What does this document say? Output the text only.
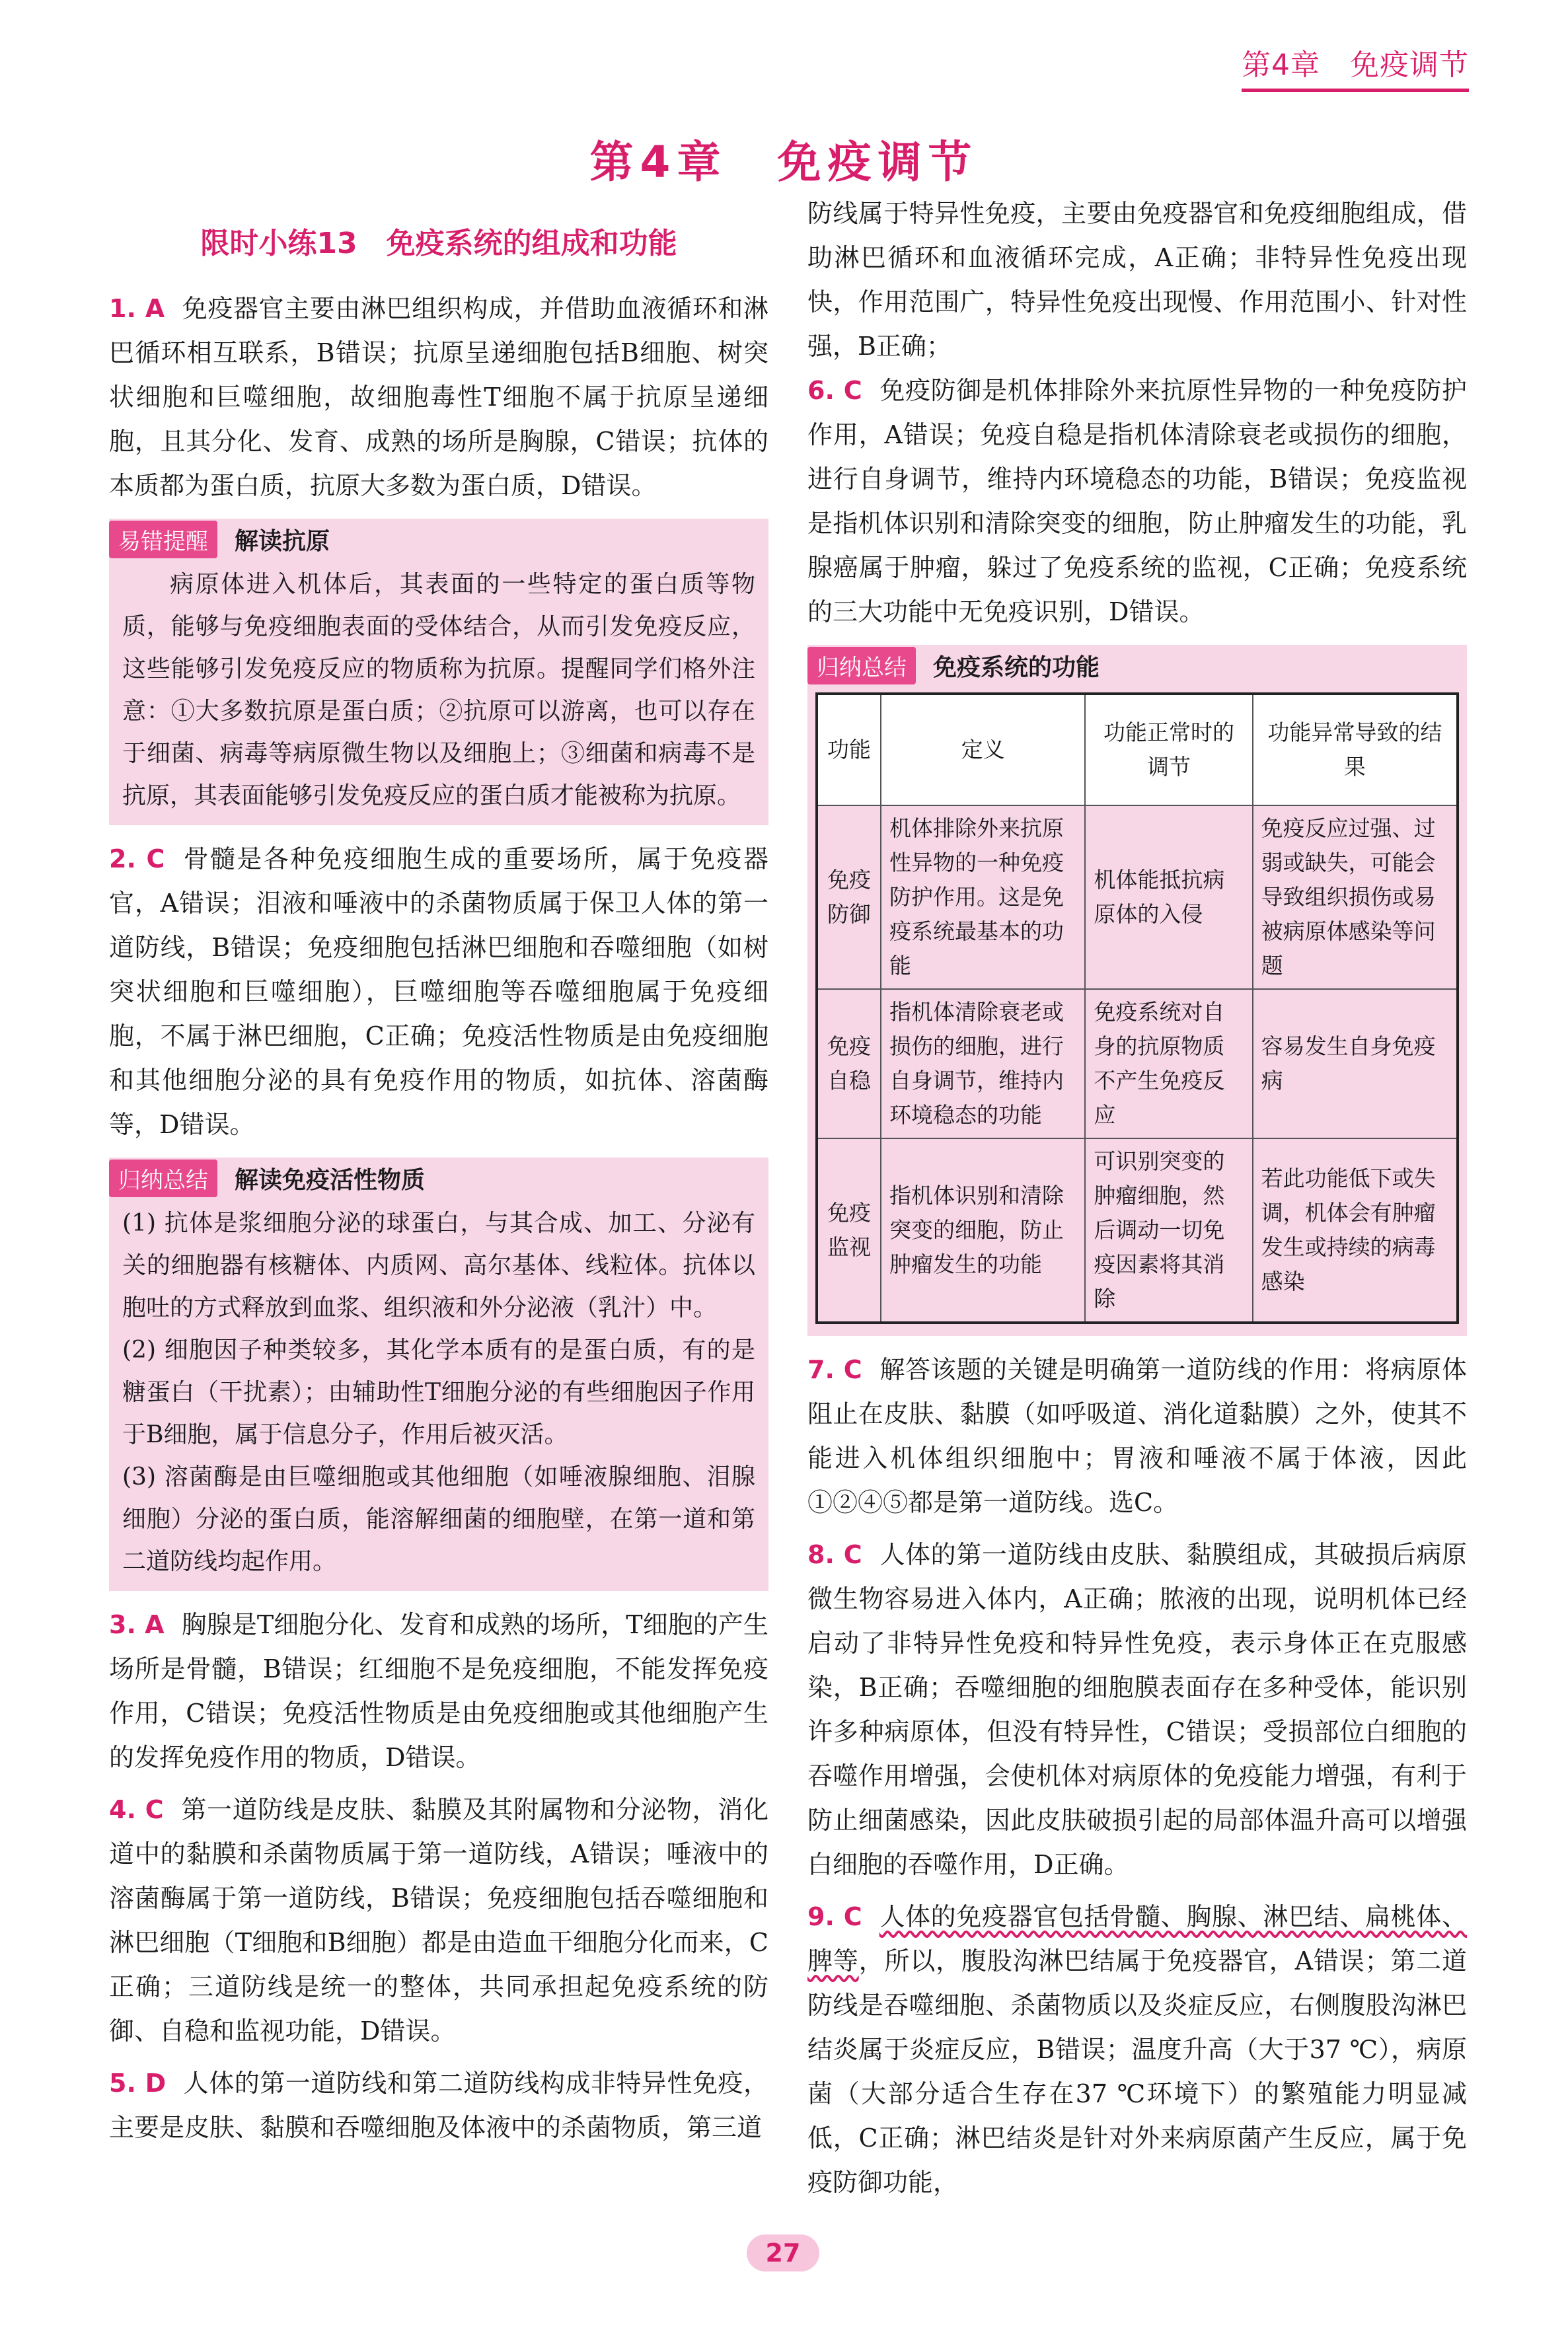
第4章　免疫调节
第4章　免疫调节
限时小练13　免疫系统的组成和功能

1. A 免疫器官主要由淋巴组织构成，并借助血液循环和淋巴循环相互联系，B错误；抗原呈递细胞包括B细胞、树突状细胞和巨噬细胞，故细胞毒性T细胞不属于抗原呈递细胞，且其分化、发育、成熟的场所是胸腺，C错误；抗体的本质都为蛋白质，抗原大多数为蛋白质，D错误。

易错提醒	解读抗原

病原体进入机体后，其表面的一些特定的蛋白质等物质，能够与免疫细胞表面的受体结合，从而引发免疫反应，这些能够引发免疫反应的物质称为抗原。提醒同学们格外注意：①大多数抗原是蛋白质；②抗原可以游离，也可以存在于细菌、病毒等病原微生物以及细胞上；③细菌和病毒不是抗原，其表面能够引发免疫反应的蛋白质才能被称为抗原。

2. C 骨髓是各种免疫细胞生成的重要场所，属于免疫器官，A错误；泪液和唾液中的杀菌物质属于保卫人体的第一道防线，B错误；免疫细胞包括淋巴细胞和吞噬细胞（如树突状细胞和巨噬细胞），巨噬细胞等吞噬细胞属于免疫细胞，不属于淋巴细胞，C正确；免疫活性物质是由免疫细胞和其他细胞分泌的具有免疫作用的物质，如抗体、溶菌酶等，D错误。

归纳总结	解读免疫活性物质

(1) 抗体是浆细胞分泌的球蛋白，与其合成、加工、分泌有关的细胞器有核糖体、内质网、高尔基体、线粒体。抗体以胞吐的方式释放到血浆、组织液和外分泌液（乳汁）中。

(2) 细胞因子种类较多，其化学本质有的是蛋白质，有的是糖蛋白（干扰素）；由辅助性T细胞分泌的有些细胞因子作用于B细胞，属于信息分子，作用后被灭活。

(3) 溶菌酶是由巨噬细胞或其他细胞（如唾液腺细胞、泪腺细胞）分泌的蛋白质，能溶解细菌的细胞壁，在第一道和第二道防线均起作用。

3. A 胸腺是T细胞分化、发育和成熟的场所，T细胞的产生场所是骨髓，B错误；红细胞不是免疫细胞，不能发挥免疫作用，C错误；免疫活性物质是由免疫细胞或其他细胞产生的发挥免疫作用的物质，D错误。

4. C 第一道防线是皮肤、黏膜及其附属物和分泌物，消化道中的黏膜和杀菌物质属于第一道防线，A错误；唾液中的溶菌酶属于第一道防线，B错误；免疫细胞包括吞噬细胞和淋巴细胞（T细胞和B细胞）都是由造血干细胞分化而来，C正确；三道防线是统一的整体，共同承担起免疫系统的防御、自稳和监视功能，D错误。

5. D 人体的第一道防线和第二道防线构成非特异性免疫，主要是皮肤、黏膜和吞噬细胞及体液中的杀菌物质，第三道

防线属于特异性免疫，主要由免疫器官和免疫细胞组成，借助淋巴循环和血液循环完成，A正确；非特异性免疫出现快，作用范围广，特异性免疫出现慢、作用范围小、针对性强，B正确；

6. C 免疫防御是机体排除外来抗原性异物的一种免疫防护作用，A错误；免疫自稳是指机体清除衰老或损伤的细胞，进行自身调节，维持内环境稳态的功能，B错误；免疫监视是指机体识别和清除突变的细胞，防止肿瘤发生的功能，乳腺癌属于肿瘤，躲过了免疫系统的监视，C正确；免疫系统的三大功能中无免疫识别，D错误。

归纳总结	免疫系统的功能
功能	定义	功能正常时的调节	功能异常导致的结果
免疫防御	机体排除外来抗原性异物的一种免疫防护作用。这是免疫系统最基本的功能	机体能抵抗病原体的入侵	免疫反应过强、过弱或缺失，可能会导致组织损伤或易被病原体感染等问题
免疫自稳	指机体清除衰老或损伤的细胞，进行自身调节，维持内环境稳态的功能	免疫系统对自身的抗原物质不产生免疫反应	容易发生自身免疫病
免疫监视	指机体识别和清除突变的细胞，防止肿瘤发生的功能	可识别突变的肿瘤细胞，然后调动一切免疫因素将其消除	若此功能低下或失调，机体会有肿瘤发生或持续的病毒感染

7. C 解答该题的关键是明确第一道防线的作用：将病原体阻止在皮肤、黏膜（如呼吸道、消化道黏膜）之外，使其不能进入机体组织细胞中；胃液和唾液不属于体液，因此①②④⑤都是第一道防线。选C。

8. C 人体的第一道防线由皮肤、黏膜组成，其破损后病原微生物容易进入体内，A正确；脓液的出现，说明机体已经启动了非特异性免疫和特异性免疫，表示身体正在克服感染，B正确；吞噬细胞的细胞膜表面存在多种受体，能识别许多种病原体，但没有特异性，C错误；受损部位白细胞的吞噬作用增强，会使机体对病原体的免疫能力增强，有利于防止细菌感染，因此皮肤破损引起的局部体温升高可以增强白细胞的吞噬作用，D正确。

9. C 人体的免疫器官包括骨髓、胸腺、淋巴结、扁桃体、脾等，所以，腹股沟淋巴结属于免疫器官，A错误；第二道防线是吞噬细胞、杀菌物质以及炎症反应，右侧腹股沟淋巴结炎属于炎症反应，B错误；温度升高（大于37 ℃），病原菌（大部分适合生存在37 ℃环境下）的繁殖能力明显减低，C正确；淋巴结炎是针对外来病原菌产生反应，属于免疫防御功能，

27
